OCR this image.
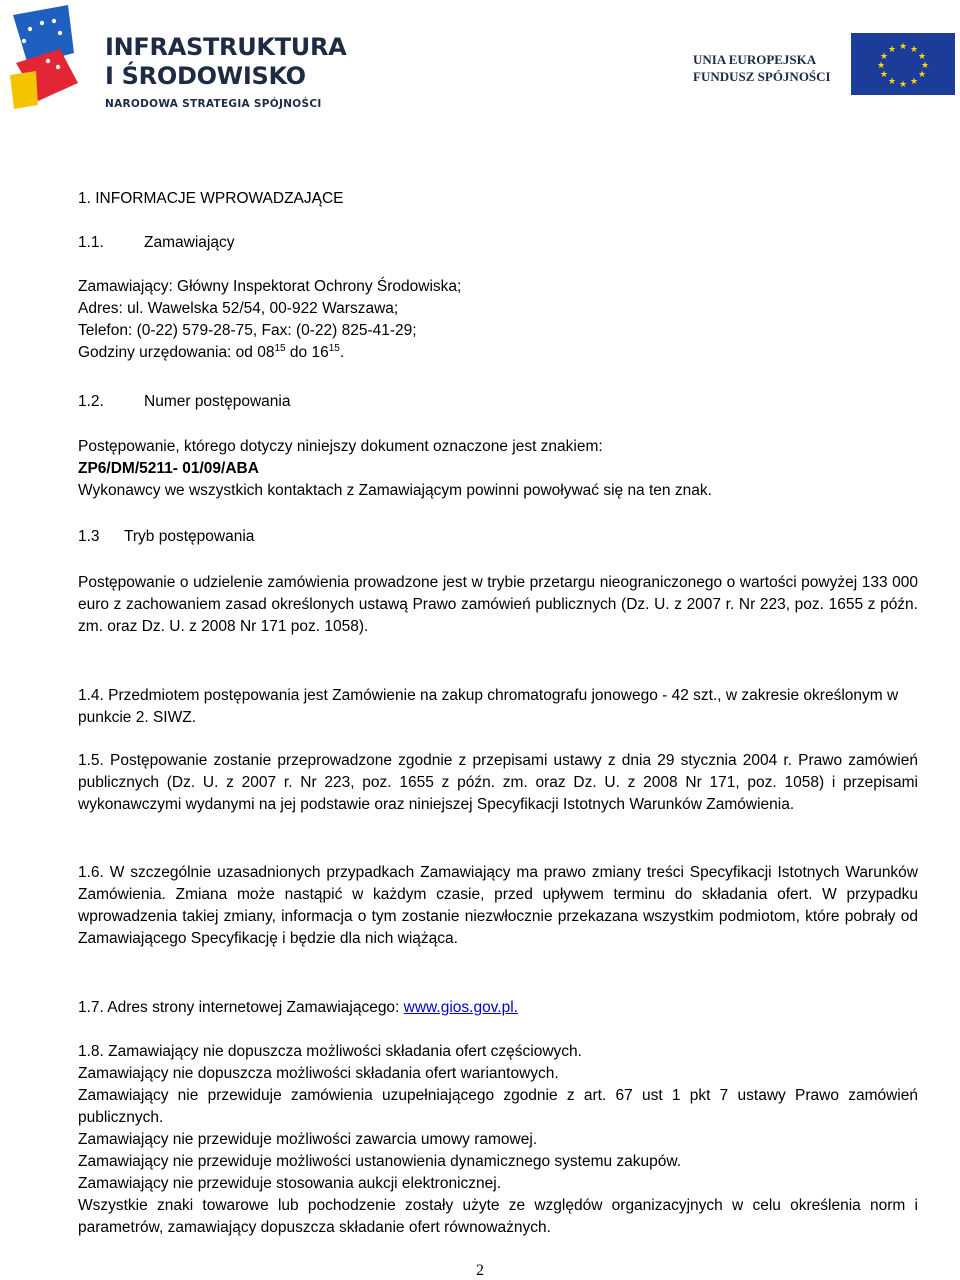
INFRASTRUKTURA
I ŚRODOWISKO
NARODOWA STRATEGIA SPÓJNOŚCI
UNIA EUROPEJSKA
FUNDUSZ SPÓJNOŚCI
★ ★
★
★
★
★
★
★
★
★
★
★
1. INFORMACJE WPROWADZAJĄCE
1.1.	Zamawiający
Zamawiający: Główny Inspektorat Ochrony Środowiska;
Adres: ul. Wawelska 52/54, 00-922 Warszawa;
Telefon: (0-22) 579-28-75, Fax: (0-22) 825-41-29;
Godziny urzędowania: od $08^{15}$ do $16^{15}$.
1.2.	Numer postępowania
Postępowanie, którego dotyczy niniejszy dokument oznaczone jest znakiem:
ZP6/DM/5211- 01/09/ABA
Wykonawcy we wszystkich kontaktach z Zamawiającym powinni powoływać się na ten znak.
1.3 Tryb postępowania
Postępowanie o udzielenie zamówienia prowadzone jest w trybie przetargu nieograniczonego o wartości powyżej 133 000 euro z zachowaniem zasad określonych ustawą Prawo zamówień publicznych (Dz. U. z 2007 r. Nr 223, poz. 1655 z późn. zm. oraz Dz. U. z 2008 Nr 171 poz. 1058).
1.4. Przedmiotem postępowania jest Zamówienie na zakup chromatografu jonowego - 42 szt., w zakresie określonym w punkcie 2. SIWZ.
1.5. Postępowanie zostanie przeprowadzone zgodnie z przepisami ustawy z dnia 29 stycznia 2004 r. Prawo zamówień publicznych (Dz. U. z 2007 r. Nr 223, poz. 1655 z późn. zm. oraz Dz. U. z 2008 Nr 171, poz. 1058) i przepisami wykonawczymi wydanymi na jej podstawie oraz niniejszej Specyfikacji Istotnych Warunków Zamówienia.
1.6. W szczególnie uzasadnionych przypadkach Zamawiający ma prawo zmiany treści Specyfikacji Istotnych Warunków Zamówienia. Zmiana może nastąpić w każdym czasie, przed upływem terminu do składania ofert. W przypadku wprowadzenia takiej zmiany, informacja o tym zostanie niezwłocznie przekazana wszystkim podmiotom, które pobrały od Zamawiającego Specyfikację i będzie dla nich wiążąca.
1.7. Adres strony internetowej Zamawiającego: www.gios.gov.pl.
1.8. Zamawiający nie dopuszcza możliwości składania ofert częściowych.
Zamawiający nie dopuszcza możliwości składania ofert wariantowych.
Zamawiający nie przewiduje zamówienia uzupełniającego zgodnie z art. 67 ust 1 pkt 7 ustawy Prawo zamówień publicznych.
Zamawiający nie przewiduje możliwości zawarcia umowy ramowej.
Zamawiający nie przewiduje możliwości ustanowienia dynamicznego systemu zakupów.
Zamawiający nie przewiduje stosowania aukcji elektronicznej.
Wszystkie znaki towarowe lub pochodzenie zostały użyte ze względów organizacyjnych w celu określenia norm i parametrów, zamawiający dopuszcza składanie ofert równoważnych.
2
